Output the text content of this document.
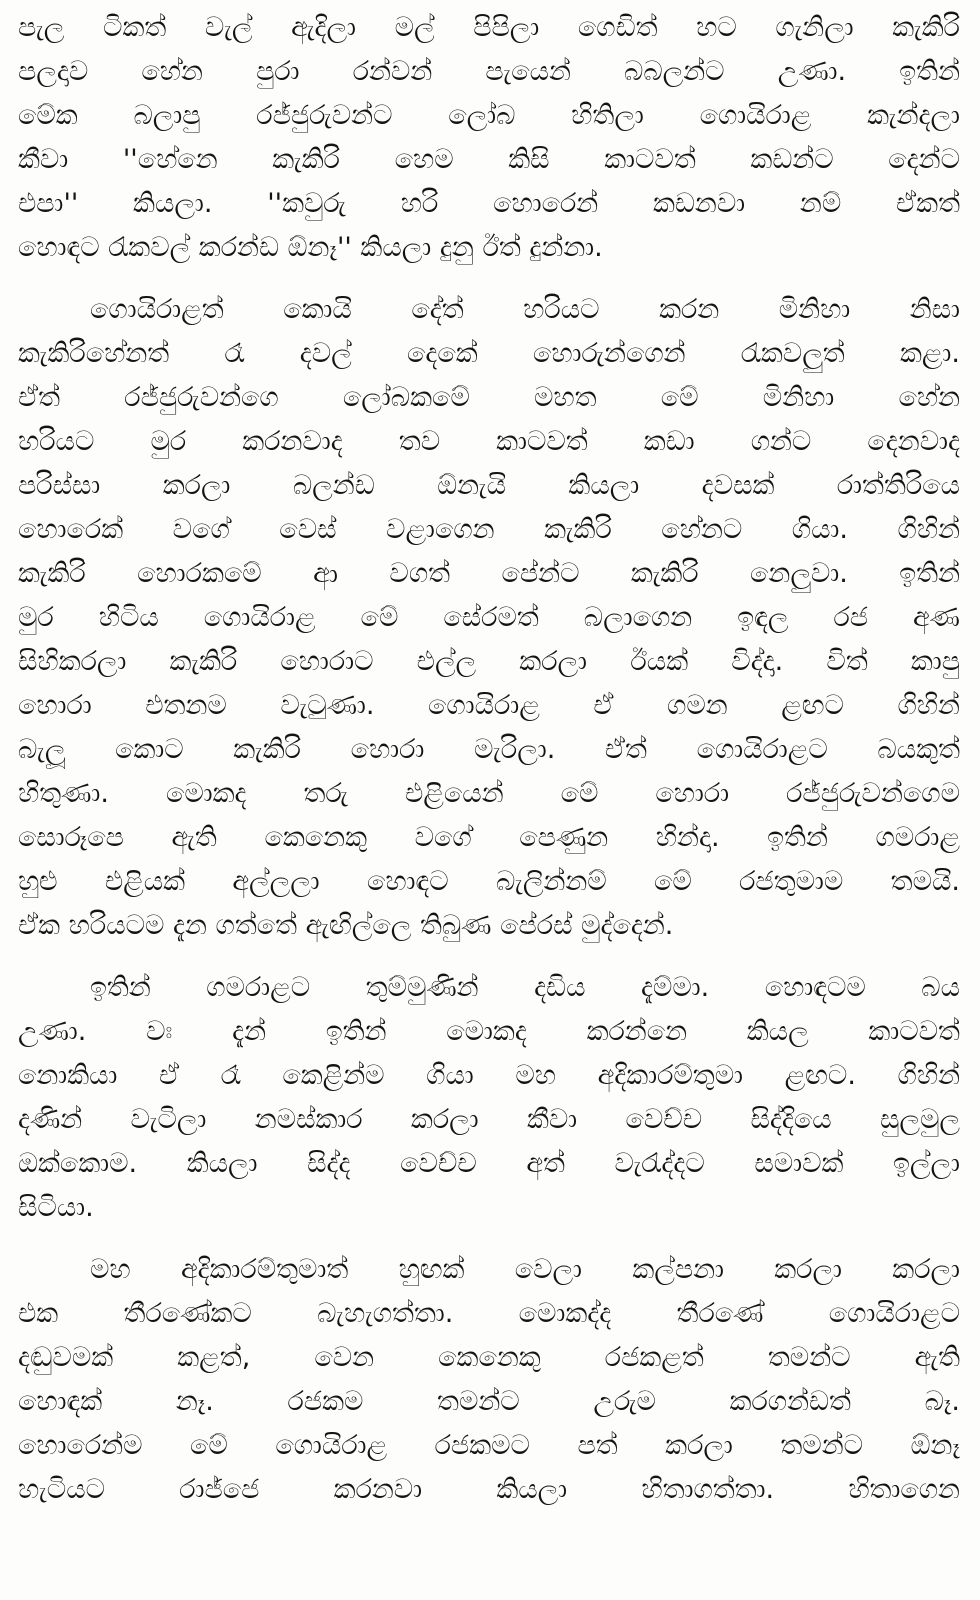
පැල ටිකත් වැල් ඇදිලා මල් පිපිලා ගෙඩිත් හට ගැනිලා කැකිරි
පලදාව හේන පුරා රන්වන් පැයෙන් බබලන්ට උණා. ඉතින්
මේක බලාපු රජ්ජුරුවන්ට ලෝබ හිතිලා ගොයිරාළ කැන්දලා
කීවා ''හේනෙ කැකිරි හෙම කිසි කාටවත් කඩන්ට දෙන්ට
එපා'' කියලා. ''කවුරු හරි හොරෙන් කඩනවා නම් ඒකත්
හොඳට රැකවල් කරන්ඩ ඕනෑ'' කියලා දුනු ඊත් දුන්නා.
ගොයිරාළත් කොයි දේත් හරියට කරන මිනිහා නිසා
කැකිරිහේනත් රෑ දවල් දෙකේ හොරුන්ගෙන් රැකවලුත් කළා.
ඒත් රජ්ජුරුවන්ගෙ ලෝබකමේ මහත මේ මිනිහා හේන
හරියට මුර කරනවාද තව කාටවත් කඩා ගන්ට දෙනවාද
පරිස්සා කරලා බලන්ඩ ඕනැයි කියලා දවසක් රාත්තිරියෙ
හොරෙක් වගේ වෙස් වළාගෙන කැකිරි හේනට ගියා. ගිහින්
කැකිරි හොරකමේ ආ වගත් පේන්ට කැකිරි නෙලුවා. ඉතින්
මුර හිටිය ගොයිරාළ මේ සේරමත් බලාගෙන ඉඳල රජ අණ
සිහිකරලා කැකිරි හොරාට එල්ල කරලා ඊයක් විද්දා. විත් කාපු
හොරා එතනම වැටුණා. ගොයිරාළ ඒ ගමන ළඟට ගිහින්
බැලූ කොට කැකිරි හොරා මැරිලා. ඒත් ගොයිරාළට බයකුත්
හිතුණා. මොකද තරු එළියෙන් මේ හොරා රජ්ජුරුවන්ගෙම
සොරූපෙ ඇති කෙනෙකු වගේ පෙණුන හින්දා. ඉතින් ගමරාළ
හුළු එළියක් අල්ලලා හොඳට බැලින්නම් මේ රජතුමාම තමයි.
ඒක හරියටම දැන ගත්තේ ඇඟිල්ලෙ තිබුණ පේරස් මුද්දෙන්.
ඉතින් ගමරාළට තුම්මුණින් දඩිය දැම්මා. හොඳටම බය
උණා. වඃ දැන් ඉතින් මොකද කරන්නෙ කියල කාටවත්
නොකියා ඒ රෑ කෙළින්ම ගියා මහ අදිකාරම්තුමා ළඟට. ගිහින්
දණින් වැටිලා නමස්කාර කරලා කීවා වෙච්ච සිද්දියෙ සුලමුල
ඔක්කොම. කියලා සිද්ද වෙච්ච අත් වැරැද්දට සමාවක් ඉල්ලා
සිටියා.
මහ අදිකාරම්තුමාත් හුඟක් වෙලා කල්පනා කරලා කරලා
එක තීරණේකට බැහැගත්තා. මොකද්ද තීරණේ ගොයිරාළට
දඬුවමක් කළත්, වෙන කෙනෙකු රජකළත් තමන්ට ඇති
හොඳක් නෑ. රජකම තමන්ට උරුම කරගන්ඩත් බෑ.
හොරෙන්ම මේ ගොයිරාළ රජකමට පත් කරලා තමන්ට ඕනෑ
හැටියට රාජ්ජෙ කරනවා කියලා හිතාගත්තා. හිතාගෙන
